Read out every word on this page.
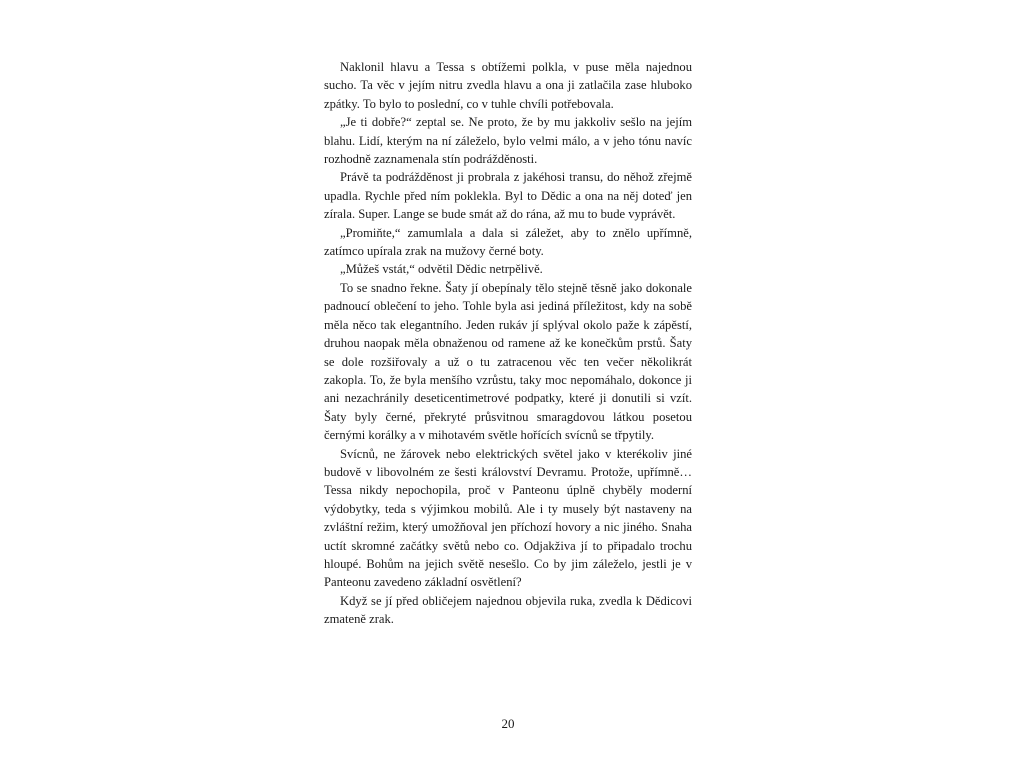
Naklonil hlavu a Tessa s obtížemi polkla, v puse měla najednou sucho. Ta věc v jejím nitru zvedla hlavu a ona ji zatlačila zase hluboko zpátky. To bylo to poslední, co v tuhle chvíli potřebovala.

„Je ti dobře?“ zeptal se. Ne proto, že by mu jakkoliv sešlo na jejím blahu. Lidí, kterým na ní záleželo, bylo velmi málo, a v jeho tónu navíc rozhodně zaznamenala stín podrážděnosti.

Právě ta podrážděnost ji probrala z jakéhosi transu, do něhož zřejmě upadla. Rychle před ním poklekla. Byl to Dědic a ona na něj doteď jen zírala. Super. Lange se bude smát až do rána, až mu to bude vyprávět.

„Promiňte,“ zamumlala a dala si záležet, aby to znělo upřímně, zatímco upírala zrak na mužovy černé boty.

„Můžeš vstát,“ odvětil Dědic netrpělivě.

To se snadno řekne. Šaty jí obepínaly tělo stejně těsně jako dokonale padnoucí oblečení to jeho. Tohle byla asi jediná příležitost, kdy na sobě měla něco tak elegantního. Jeden rukáv jí splýval okolo paže k zápěstí, druhou naopak měla obnaženou od ramene až ke konečkům prstů. Šaty se dole rozšiřovaly a už o tu zatracenou věc ten večer několikrát zakopla. To, že byla menšího vzrůstu, taky moc nepomáhalo, dokonce ji ani nezachránily deseticentimetrové podpatky, které ji donutili si vzít. Šaty byly černé, překryté průsvitnou smaragdovou látkou posetou černými korálky a v mihotavém světle hořících svícnů se třpytily.

Svícnů, ne žárovek nebo elektrických světel jako v kterékoliv jiné budově v libovolném ze šesti království Devramu. Protože, upřímně… Tessa nikdy nepochopila, proč v Panteonu úplně chyběly moderní výdobytky, teda s výjimkou mobilů. Ale i ty musely být nastaveny na zvláštní režim, který umožňoval jen příchozí hovory a nic jiného. Snaha uctít skromné začátky světů nebo co. Odjakživa jí to připadalo trochu hloupé. Bohům na jejich světě nesešlo. Co by jim záleželo, jestli je v Panteonu zavedeno základní osvětlení?

Když se jí před obličejem najednou objevila ruka, zvedla k Dědicovi zmateně zrak.

20
